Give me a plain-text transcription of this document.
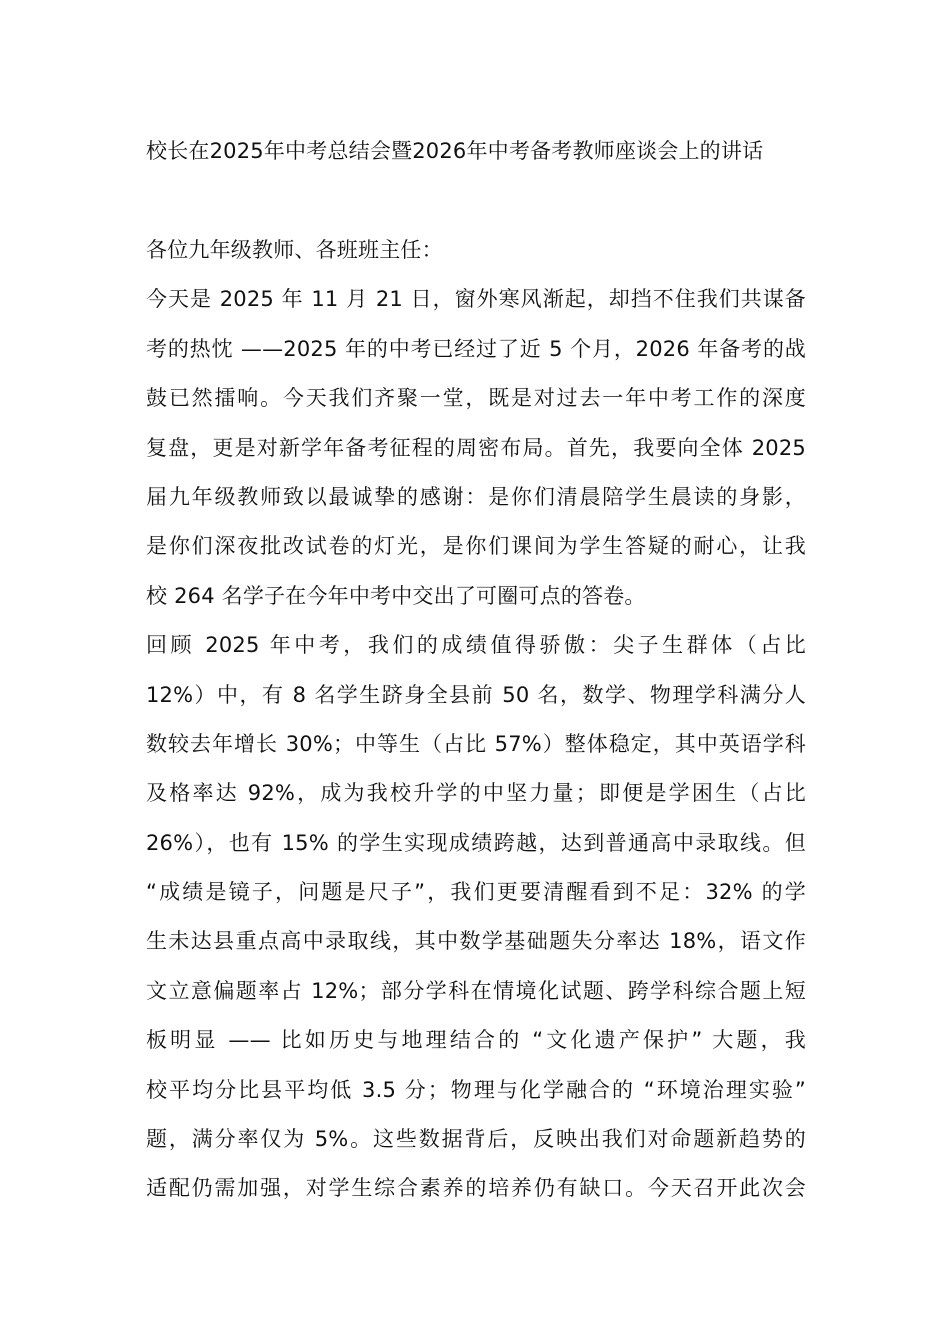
校长在2025年中考总结会暨2026年中考备考教师座谈会上的讲话
各位九年级教师、各班班主任：
今天是 2025 年 11 月 21 日，窗外寒风渐起，却挡不住我们共谋备
考的热忱 ——2025 年的中考已经过了近 5 个月，2026 年备考的战
鼓已然擂响。今天我们齐聚一堂，既是对过去一年中考工作的深度
复盘，更是对新学年备考征程的周密布局。首先，我要向全体 2025
届九年级教师致以最诚挚的感谢：是你们清晨陪学生晨读的身影，
是你们深夜批改试卷的灯光，是你们课间为学生答疑的耐心，让我
校 264 名学子在今年中考中交出了可圈可点的答卷。
回顾 2025 年中考，我们的成绩值得骄傲：尖子生群体（占比
12%）中，有 8 名学生跻身全县前 50 名，数学、物理学科满分人
数较去年增长 30%；中等生（占比 57%）整体稳定，其中英语学科
及格率达 92%，成为我校升学的中坚力量；即便是学困生（占比
26%），也有 15% 的学生实现成绩跨越，达到普通高中录取线。但
“成绩是镜子，问题是尺子”，我们更要清醒看到不足：32% 的学
生未达县重点高中录取线，其中数学基础题失分率达 18%，语文作
文立意偏题率占 12%；部分学科在情境化试题、跨学科综合题上短
板明显 —— 比如历史与地理结合的 “文化遗产保护” 大题，我
校平均分比县平均低 3.5 分；物理与化学融合的 “环境治理实验”
题，满分率仅为 5%。这些数据背后，反映出我们对命题新趋势的
适配仍需加强，对学生综合素养的培养仍有缺口。今天召开此次会
